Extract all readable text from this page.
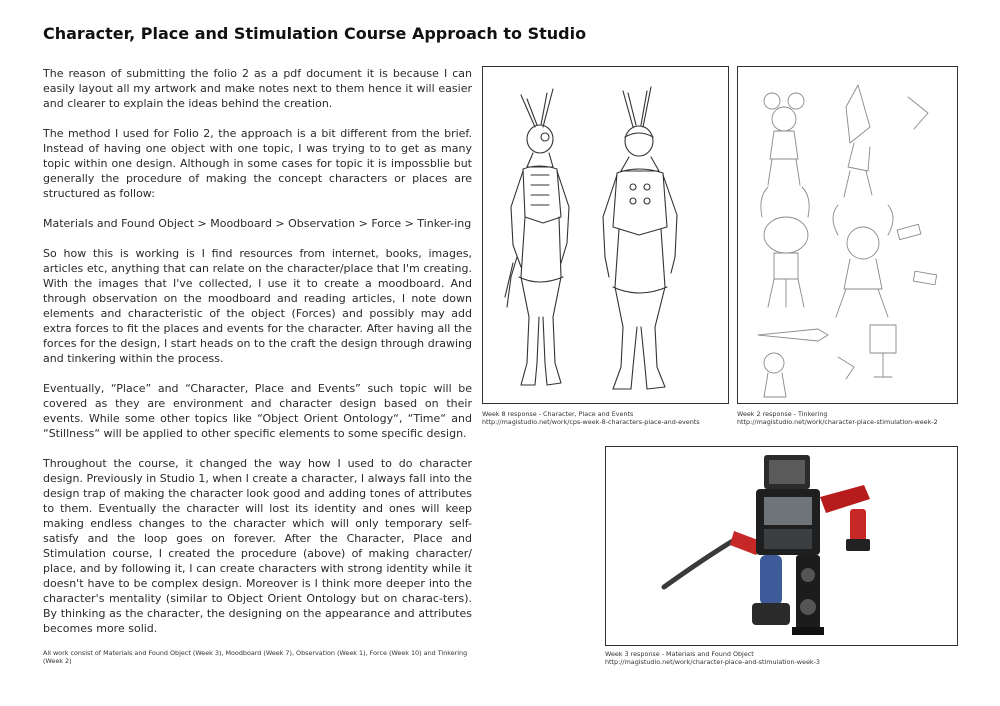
Character, Place and Stimulation Course Approach to Studio

The reason of submitting the folio 2 as a pdf document it is because I can easily layout all my artwork and make notes next to them hence it will easier and clearer to explain the ideas behind the creation.

The method I used for Folio 2, the approach is a bit different from the brief. Instead of having one object with one topic, I was trying to to get as many topic within one design. Although in some cases for topic it is impossblie but generally the procedure of making the concept characters or places are structured as follow:

Materials and Found Object > Moodboard > Observation > Force > Tinker-ing

So how this is working is I find resources from internet, books, images, articles etc, anything that can relate on the character/place that I'm creating. With the images that I've collected, I use it to create a moodboard. And through observation on the moodboard and reading articles, I note down elements and characteristic of the object (Forces) and possibly may add extra forces to fit the places and events for the character. After having all the forces for the design, I start heads on to the craft the design through drawing and tinkering within the process.

Eventually, “Place” and “Character, Place and Events” such topic will be covered as they are environment and character design based on their events. While some other topics like “Object Orient Ontology“, “Time“ and “Stillness“ will be applied to other specific elements to some specific design.

Throughout the course, it changed the way how I used to do character design. Previously in Studio 1, when I create a character, I always fall into the design trap of making the character look good and adding tones of attributes to them. Eventually the character will lost its identity and ones will keep making endless changes to the character which will only temporary self-satisfy and the loop goes on forever. After the Character, Place and Stimulation course, I created the procedure (above) of making character/ place, and by following it, I can create characters with strong identity while it doesn't have to be complex design. Moreover is I think more deeper into the character's mentality (similar to Object Orient Ontology but on charac-ters). By thinking as the character, the designing on the appearance and attributes becomes more solid.

All work consist of Materials and Found Object (Week 3), Moodboard (Week 7), Observation (Week 1), Force (Week 10) and Tinkering (Week 2)
Week 8 response - Character, Place and Events
http://magistudio.net/work/cps-week-8-characters-place-and-events
Week 2 response - Tinkering
http://magistudio.net/work/character-place-stimulation-week-2
Week 3 response - Materials and Found Object
http://magistudio.net/work/character-place-and-stimulation-week-3
